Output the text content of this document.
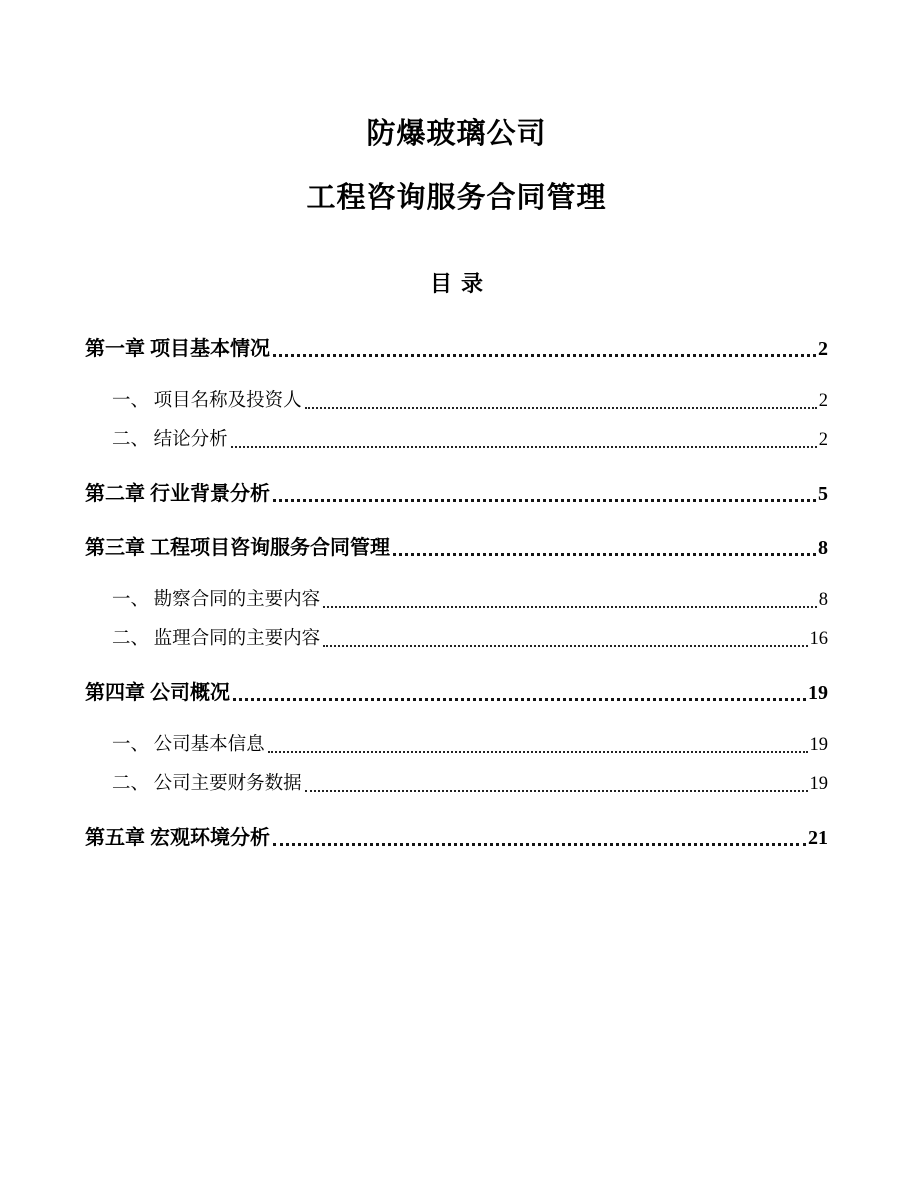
防爆玻璃公司
工程咨询服务合同管理
目录
第一章 项目基本情况	2
一、 项目名称及投资人	2
二、 结论分析	2
第二章 行业背景分析	5
第三章 工程项目咨询服务合同管理	8
一、 勘察合同的主要内容	8
二、 监理合同的主要内容	16
第四章 公司概况	19
一、 公司基本信息	19
二、 公司主要财务数据	19
第五章 宏观环境分析	21
